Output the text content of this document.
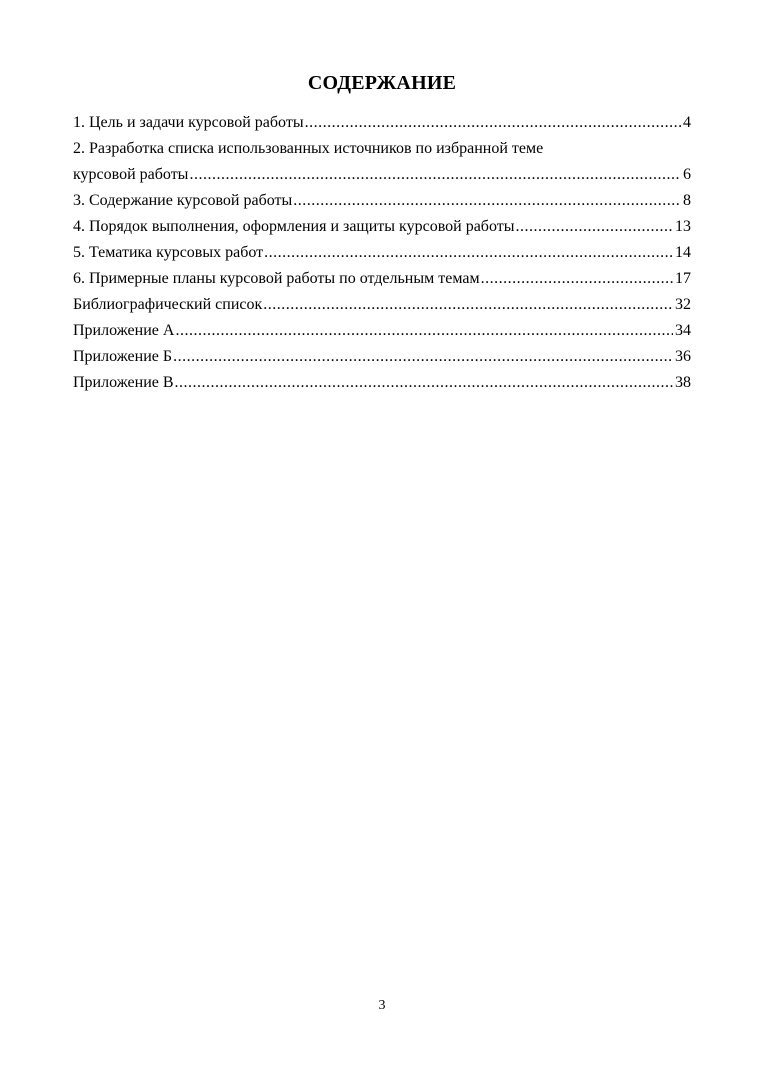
СОДЕРЖАНИЕ
1. Цель и задачи курсовой работы .....	4
2. Разработка списка использованных источников по избранной теме
курсовой работы .....	6
3. Содержание курсовой работы .....	8
4. Порядок выполнения, оформления и защиты курсовой работы .....	13
5. Тематика курсовых работ .....	14
6. Примерные планы курсовой работы по отдельным темам .....	17
Библиографический список .....	32
Приложение А .....	34
Приложение Б .....	36
Приложение В .....	38
3
